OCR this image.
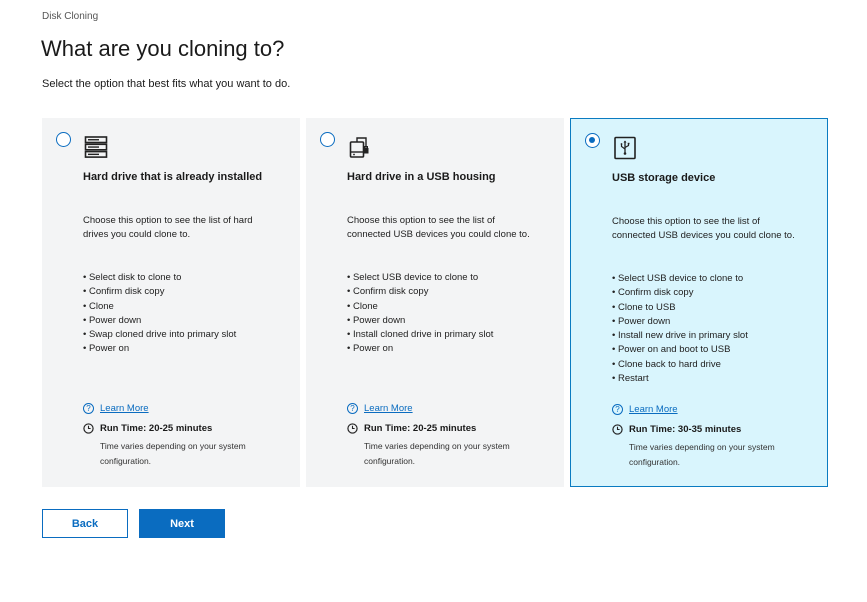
Disk Cloning
What are you cloning to?
Select the option that best fits what you want to do.
Hard drive that is already installed
Choose this option to see the list of hard drives you could clone to.
• Select disk to clone to
• Confirm disk copy
• Clone
• Power down
• Swap cloned drive into primary slot
• Power on
? Learn More
Run Time: 20-25 minutes
Time varies depending on your system configuration.
Hard drive in a USB housing
Choose this option to see the list of connected USB devices you could clone to.
• Select USB device to clone to
• Confirm disk copy
• Clone
• Power down
• Install cloned drive in primary slot
• Power on
? Learn More
Run Time: 20-25 minutes
Time varies depending on your system configuration.
USB storage device
Choose this option to see the list of connected USB devices you could clone to.
• Select USB device to clone to
• Confirm disk copy
• Clone to USB
• Power down
• Install new drive in primary slot
• Power on and boot to USB
• Clone back to hard drive
• Restart
? Learn More
Run Time: 30-35 minutes
Time varies depending on your system configuration.
Back	Next
